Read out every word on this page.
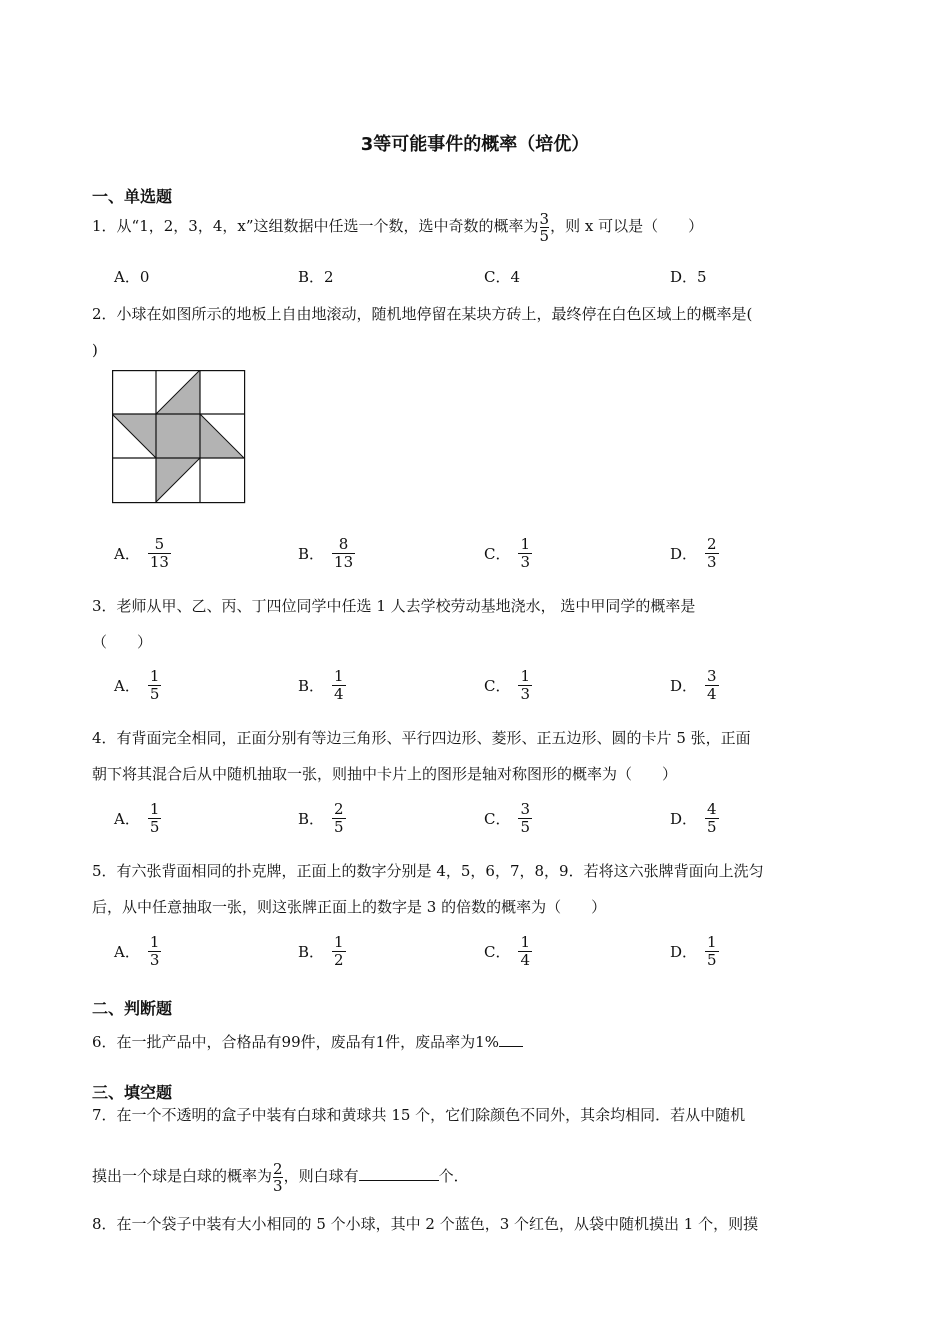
3等可能事件的概率（培优）
一、单选题
1．从“1，2，3，4，x”这组数据中任选一个数，选中奇数的概率为 $\frac{3}{5}$ ，则 x 可以是（　　）
A． 0	B． 2	C． 4	D． 5
2．小球在如图所示的地板上自由地滚动，随机地停留在某块方砖上，最终停在白色区域上的概率是(
)
A． $\frac{5}{13}$	B． $\frac{8}{13}$	C． $\frac{1}{3}$	D． $\frac{2}{3}$
3．老师从甲、乙、丙、丁四位同学中任选 1 人去学校劳动基地浇水， 选中甲同学的概率是
（　　）
A． $\frac{1}{5}$	B． $\frac{1}{4}$	C． $\frac{1}{3}$	D． $\frac{3}{4}$
4．有背面完全相同，正面分别有等边三角形、平行四边形、菱形、正五边形、圆的卡片 5 张，正面
朝下将其混合后从中随机抽取一张，则抽中卡片上的图形是轴对称图形的概率为（　　）
A． $\frac{1}{5}$	B． $\frac{2}{5}$	C． $\frac{3}{5}$	D． $\frac{4}{5}$
5．有六张背面相同的扑克牌，正面上的数字分别是 4，5，6，7，8，9．若将这六张牌背面向上洗匀
后，从中任意抽取一张，则这张牌正面上的数字是 3 的倍数的概率为（　　）
A． $\frac{1}{3}$	B． $\frac{1}{2}$	C． $\frac{1}{4}$	D． $\frac{1}{5}$
二、判断题
6．在一批产品中，合格品有99件，废品有1件，废品率为1%
三、填空题
7．在一个不透明的盒子中装有白球和黄球共 15 个，它们除颜色不同外，其余均相同．若从中随机
摸出一个球是白球的概率为 $\frac{2}{3}$ ，则白球有	个．
8．在一个袋子中装有大小相同的 5 个小球，其中 2 个蓝色，3 个红色，从袋中随机摸出 1 个，则摸
